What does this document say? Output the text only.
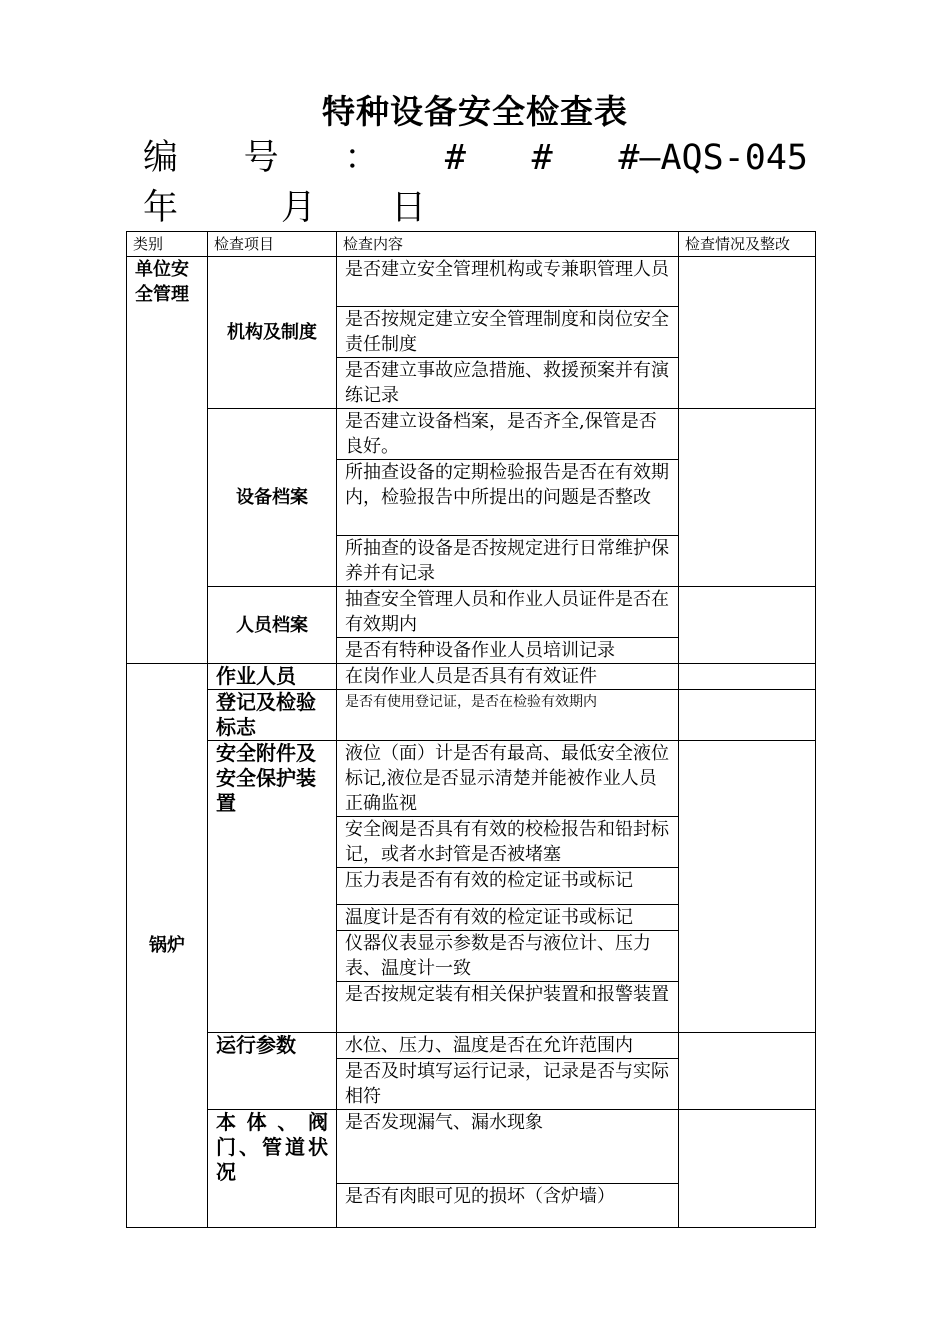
特种设备安全检查表
编 号 ： # # #—AQS-045
年	月 日
类别	检查项目	检查内容	检查情况及整改
单位安全管理	机构及制度	是否建立安全管理机构或专兼职管理人员	
		是否按规定建立安全管理制度和岗位安全责任制度	
		是否建立事故应急措施、救援预案并有演练记录	
	设备档案	是否建立设备档案，是否齐全,保管是否良好。	
		所抽查设备的定期检验报告是否在有效期内，检验报告中所提出的问题是否整改	
		所抽查的设备是否按规定进行日常维护保养并有记录	
	人员档案	抽查安全管理人员和作业人员证件是否在有效期内	
		是否有特种设备作业人员培训记录	
锅炉	作业人员	在岗作业人员是否具有有效证件	
	登记及检验标志	是否有使用登记证，是否在检验有效期内	
	安全附件及安全保护装置	液位（面）计是否有最高、最低安全液位标记,液位是否显示清楚并能被作业人员正确监视	
		安全阀是否具有有效的校检报告和铅封标记，或者水封管是否被堵塞	
		压力表是否有有效的检定证书或标记	
		温度计是否有有效的检定证书或标记	
		仪器仪表显示参数是否与液位计、压力表、温度计一致	
		是否按规定装有相关保护装置和报警装置	
	运行参数	水位、压力、温度是否在允许范围内	
		是否及时填写运行记录，记录是否与实际相符	
	本体、阀门、管道状况	是否发现漏气、漏水现象	
		是否有肉眼可见的损坏（含炉墙）	
